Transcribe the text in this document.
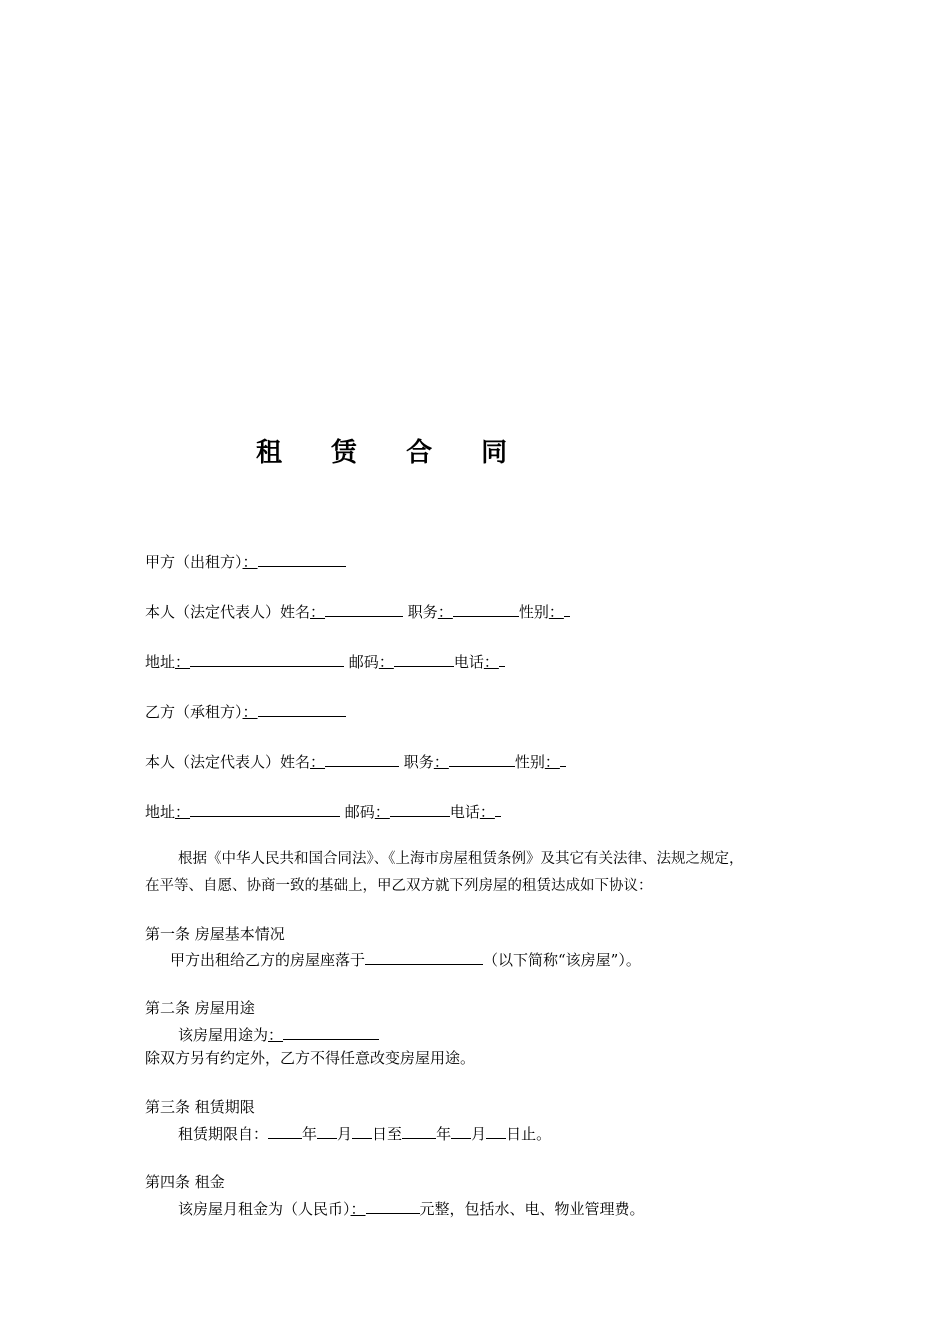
租 赁 合 同
甲方（出租方）：
本人（法定代表人）姓名：	职务：	性别：
地址：	邮码：	电话：
乙方（承租方）：
本人（法定代表人）姓名：	职务：	性别：
地址：	邮码：	电话：
根据《中华人民共和国合同法》、《上海市房屋租赁条例》及其它有关法律、法规之规定，
在平等、自愿、协商一致的基础上，甲乙双方就下列房屋的租赁达成如下协议：
第一条 房屋基本情况
甲方出租给乙方的房屋座落于	（以下简称“该房屋”）。
第二条 房屋用途
该房屋用途为：
除双方另有约定外，乙方不得任意改变房屋用途。
第三条 租赁期限
租赁期限自： 年 月 日至 年 月 日止。
第四条 租金
该房屋月租金为（人民币）：	元整，包括水、电、物业管理费。
